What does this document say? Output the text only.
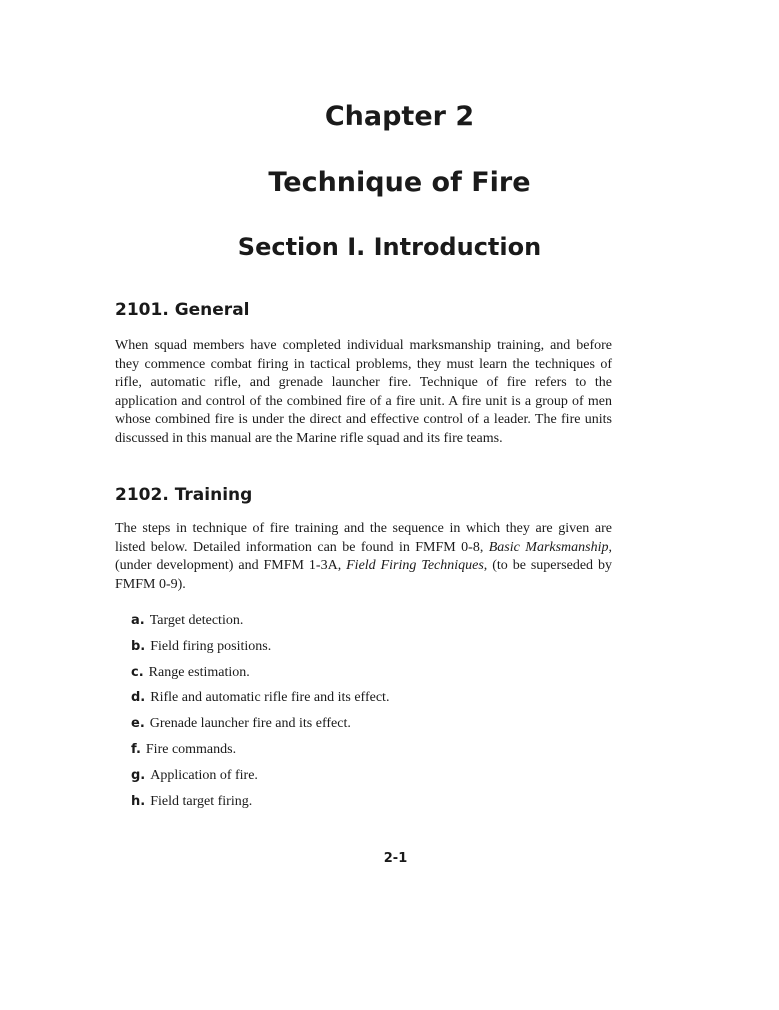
Chapter 2
Technique of Fire
Section I. Introduction
2101. General

When squad members have completed individual marksmanship training, and before they commence combat firing in tactical problems, they must learn the techniques of rifle, automatic rifle, and grenade launcher fire. Technique of fire refers to the application and control of the combined fire of a fire unit. A fire unit is a group of men whose combined fire is under the direct and effective control of a leader. The fire units discussed in this manual are the Marine rifle squad and its fire teams.

2102. Training

The steps in technique of fire training and the sequence in which they are given are listed below. Detailed information can be found in FMFM 0-8, Basic Marksmanship, (under development) and FMFM 1-3A, Field Firing Techniques, (to be superseded by FMFM 0-9).

a. Target detection.
b. Field firing positions.
c. Range estimation.
d. Rifle and automatic rifle fire and its effect.
e. Grenade launcher fire and its effect.
f. Fire commands.
g. Application of fire.
h. Field target firing.
2-1
